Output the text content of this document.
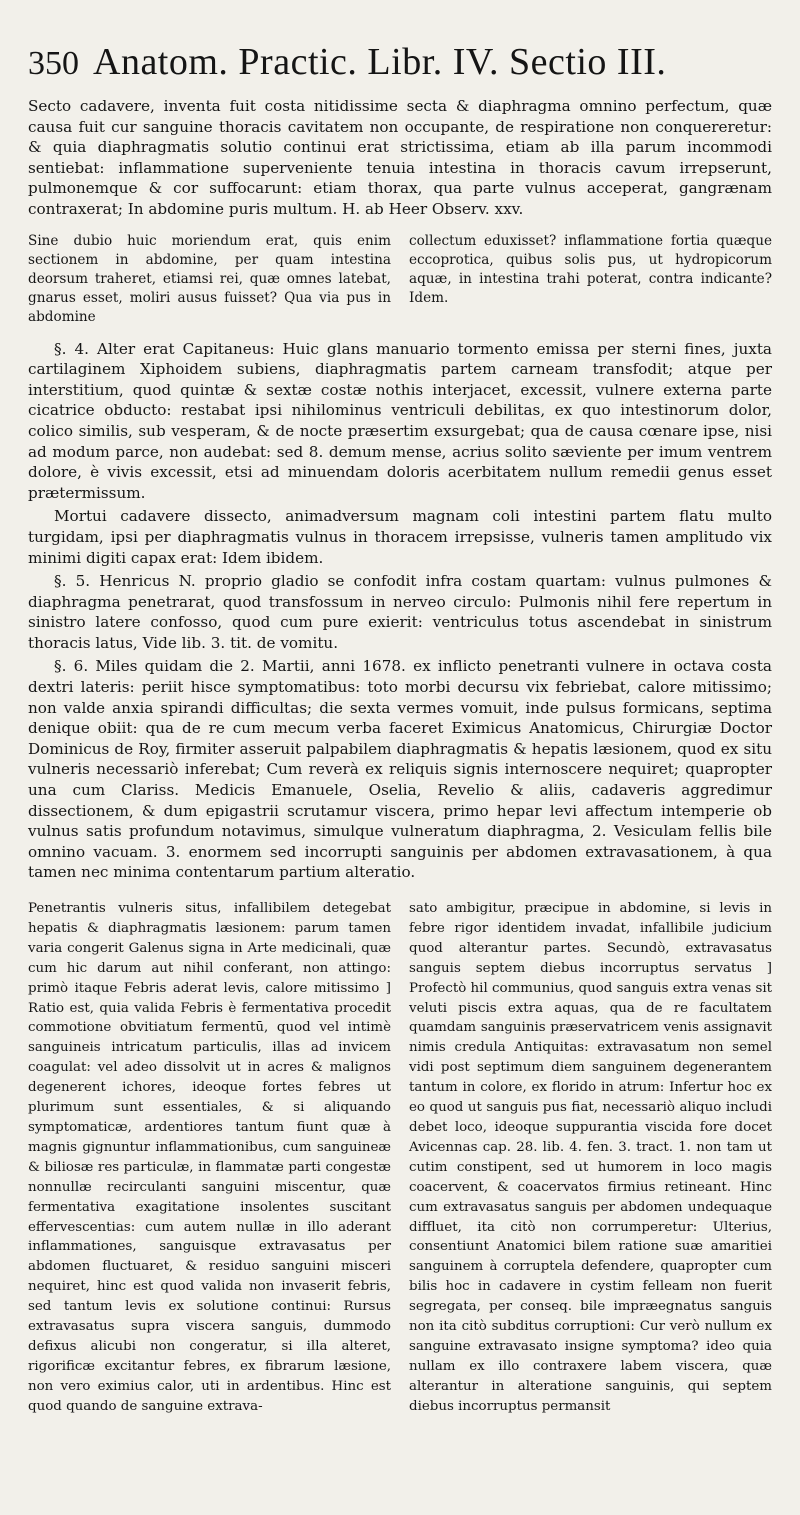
350 Anatom. Practic. Libr. IV. Sectio III.

Secto cadavere, inventa fuit costa nitidissime secta & diaphragma omnino perfectum, quæ causa fuit cur sanguine thoracis cavitatem non occupante, de respiratione non conquereretur: & quia diaphragmatis solutio continui erat strictissima, etiam ab illa parum incommodi sentiebat: inflammatione superveniente tenuia intestina in thoracis cavum irrepserunt, pulmonemque & cor suffocarunt: etiam thorax, qua parte vulnus acceperat, gangrænam contraxerat; In abdomine puris multum. H. ab Heer Observ. xxv.

Sine dubio huic moriendum erat, quis enim sectionem in abdomine, per quam intestina deorsum traheret, etiamsi rei, quæ omnes latebat, gnarus esset, moliri ausus fuisset? Qua via pus in abdomine

collectum eduxisset? inflammatione fortia quæque eccoprotica, quibus solis pus, ut hydropicorum aquæ, in intestina trahi poterat, contra indicante? Idem.

§. 4. Alter erat Capitaneus: Huic glans manuario tormento emissa per sterni fines, juxta cartilaginem Xiphoidem subiens, diaphragmatis partem carneam transfodit; atque per interstitium, quod quintæ & sextæ costæ nothis interjacet, excessit, vulnere externa parte cicatrice obducto: restabat ipsi nihilominus ventriculi debilitas, ex quo intestinorum dolor, colico similis, sub vesperam, & de nocte præsertim exsurgebat; qua de causa cœnare ipse, nisi ad modum parce, non audebat: sed 8. demum mense, acrius solito sæviente per imum ventrem dolore, è vivis excessit, etsi ad minuendam doloris acerbitatem nullum remedii genus esset prætermissum.

Mortui cadavere dissecto, animadversum magnam coli intestini partem flatu multo turgidam, ipsi per diaphragmatis vulnus in thoracem irrepsisse, vulneris tamen amplitudo vix minimi digiti capax erat: Idem ibidem.

§. 5. Henricus N. proprio gladio se confodit infra costam quartam: vulnus pulmones & diaphragma penetrarat, quod transfossum in nerveo circulo: Pulmonis nihil fere repertum in sinistro latere confosso, quod cum pure exierit: ventriculus totus ascendebat in sinistrum thoracis latus, Vide lib. 3. tit. de vomitu.

§. 6. Miles quidam die 2. Martii, anni 1678. ex inflicto penetranti vulnere in octava costa dextri lateris: periit hisce symptomatibus: toto morbi decursu vix febriebat, calore mitissimo; non valde anxia spirandi difficultas; die sexta vermes vomuit, inde pulsus formicans, septima denique obiit: qua de re cum mecum verba faceret Eximicus Anatomicus, Chirurgiæ Doctor Dominicus de Roy, firmiter asseruit palpabilem diaphragmatis & hepatis læsionem, quod ex situ vulneris necessariò inferebat; Cum reverà ex reliquis signis internoscere nequiret; quapropter una cum Clariss. Medicis Emanuele, Oselia, Revelio & aliis, cadaveris aggredimur dissectionem, & dum epigastrii scrutamur viscera, primo hepar levi affectum intemperie ob vulnus satis profundum notavimus, simulque vulneratum diaphragma, 2. Vesiculam fellis bile omnino vacuam. 3. enormem sed incorrupti sanguinis per abdomen extravasationem, à qua tamen nec minima contentarum partium alteratio.

Penetrantis vulneris situs, infallibilem detegebat hepatis & diaphragmatis læsionem: parum tamen varia congerit Galenus signa in Arte medicinali, quæ cum hic darum aut nihil conferant, non attingo: primò itaque Febris aderat levis, calore mitissimo ] Ratio est, quia valida Febris è fermentativa procedit commotione obvitiatum fermentū, quod vel intimè sanguineis intricatum particulis, illas ad invicem coagulat: vel adeo dissolvit ut in acres & malignos degenerent ichores, ideoque fortes febres ut plurimum sunt essentiales, & si aliquando symptomaticæ, ardentiores tantum fiunt quæ à magnis gignuntur inflammationibus, cum sanguineæ & biliosæ res particulæ, in flammatæ parti congestæ nonnullæ recirculanti sanguini miscentur, quæ fermentativa exagitatione insolentes suscitant effervescentias: cum autem nullæ in illo aderant inflammationes, sanguisque extravasatus per abdomen fluctuaret, & residuo sanguini misceri nequiret, hinc est quod valida non invaserit febris, sed tantum levis ex solutione continui: Rursus extravasatus supra viscera sanguis, dummodo defixus alicubi non congeratur, si illa alteret, rigorificæ excitantur febres, ex fibrarum læsione, non vero eximius calor, uti in ardentibus. Hinc est quod quando de sanguine extrava-

sato ambigitur, præcipue in abdomine, si levis in febre rigor identidem invadat, infallibile judicium quod alterantur partes. Secundò, extravasatus sanguis septem diebus incorruptus servatus ] Profectò hil communius, quod sanguis extra venas sit veluti piscis extra aquas, qua de re facultatem quamdam sanguinis præservatricem venis assignavit nimis credula Antiquitas: extravasatum non semel vidi post septimum diem sanguinem degenerantem tantum in colore, ex florido in atrum: Infertur hoc ex eo quod ut sanguis pus fiat, necessariò aliquo includi debet loco, ideoque suppurantia viscida fore docet Avicennas cap. 28. lib. 4. fen. 3. tract. 1. non tam ut cutim constipent, sed ut humorem in loco magis coacervent, & coacervatos firmius retineant. Hinc cum extravasatus sanguis per abdomen undequaque diffluet, ita citò non corrumperetur: Ulterius, consentiunt Anatomici bilem ratione suæ amaritiei sanguinem à corruptela defendere, quapropter cum bilis hoc in cadavere in cystim felleam non fuerit segregata, per conseq. bile impræegnatus sanguis non ita citò subditus corruptioni: Cur verò nullum ex sanguine extravasato insigne symptoma? ideo quia nullam ex illo contraxere labem viscera, quæ alterantur in alteratione sanguinis, qui septem diebus incorruptus permansit
